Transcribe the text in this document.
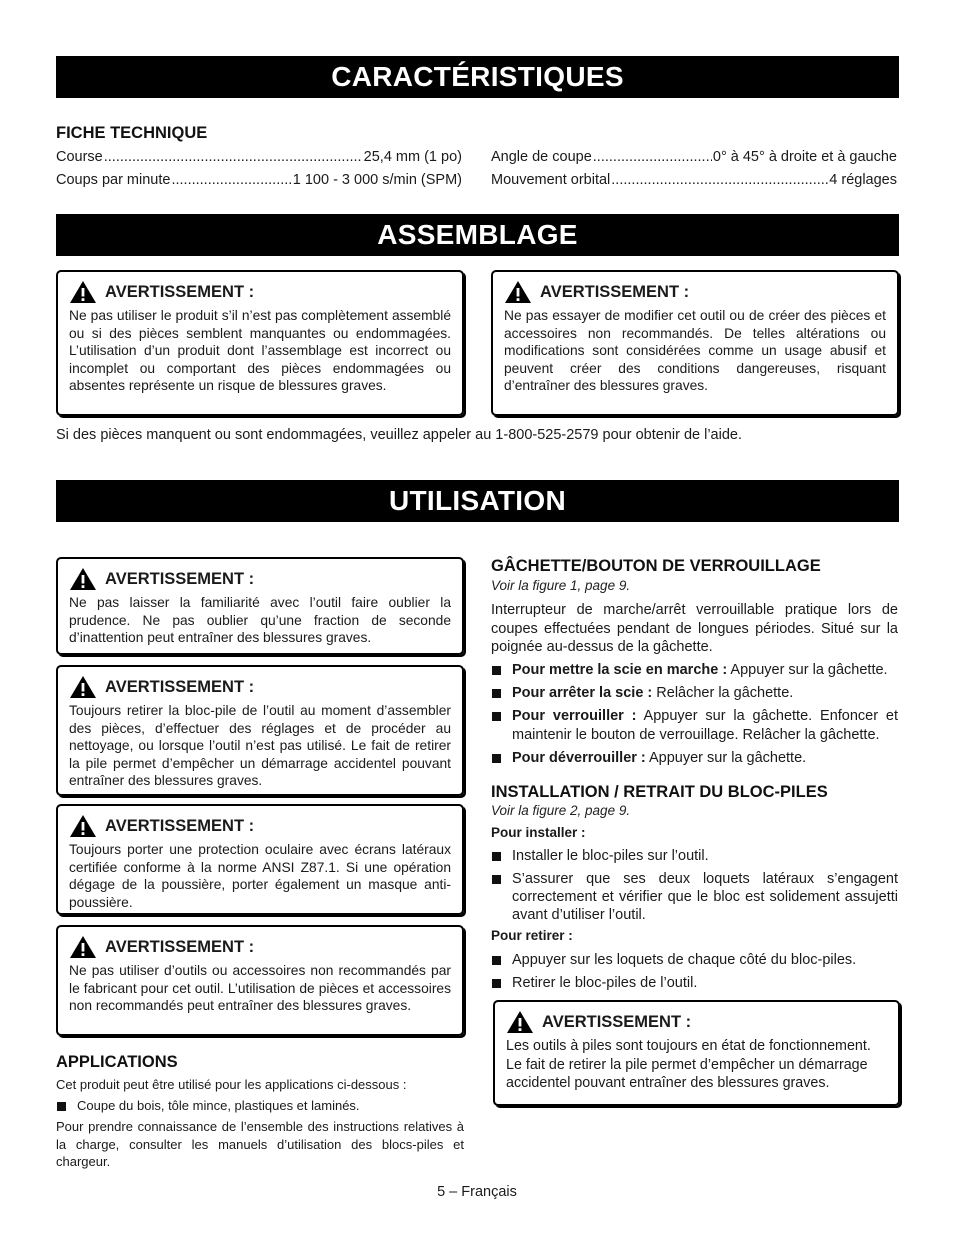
CARACTÉRISTIQUES
FICHE TECHNIQUE
Course .....	25,4 mm (1 po)
Coups par minute .....	1 100 - 3 000 s/min (SPM)
Angle de coupe .....	0° à 45° à droite et à gauche
Mouvement orbital .....	4 réglages
ASSEMBLAGE
AVERTISSEMENT :
Ne pas utiliser le produit s’il n’est pas complètement assemblé ou si des pièces semblent manquantes ou endommagées. L’utilisation d’un produit dont l’assemblage est incorrect ou incomplet ou comportant des pièces endommagées ou absentes représente un risque de blessures graves.
AVERTISSEMENT :
Ne pas essayer de modifier cet outil ou de créer des pièces et accessoires non recommandés. De telles altérations ou modifications sont considérées comme un usage abusif et peuvent créer des conditions dangereuses, risquant d’entraîner des blessures graves.
Si des pièces manquent ou sont endommagées, veuillez appeler au 1-800-525-2579 pour obtenir de l’aide.
UTILISATION
AVERTISSEMENT :
Ne pas laisser la familiarité avec l’outil faire oublier la prudence. Ne pas oublier qu’une fraction de seconde d’inattention peut entraîner des blessures graves.
AVERTISSEMENT :
Toujours retirer la bloc-pile de l’outil au moment d’assembler des pièces, d’effectuer des réglages et de procéder au nettoyage, ou lorsque l’outil n’est pas utilisé. Le fait de retirer la pile permet d’empêcher un démarrage accidentel pouvant entraîner des blessures graves.
AVERTISSEMENT :
Toujours porter une protection oculaire avec écrans latéraux certifiée conforme à la norme ANSI Z87.1. Si une opération dégage de la poussière, porter également un masque anti-poussière.
AVERTISSEMENT :
Ne pas utiliser d’outils ou accessoires non recommandés par le fabricant pour cet outil. L’utilisation de pièces et accessoires non recommandés peut entraîner des blessures graves.
APPLICATIONS
Cet produit peut être utilisé pour les applications ci-dessous :
Coupe du bois, tôle mince, plastiques et laminés.
Pour prendre connaissance de l’ensemble des instructions relatives à la charge, consulter les manuels d’utilisation des blocs-piles et chargeur.
GÂCHETTE/BOUTON DE VERROUILLAGE
Voir la figure 1, page 9.
Interrupteur de marche/arrêt verrouillable pratique lors de coupes effectuées pendant de longues périodes. Situé sur la poignée au-dessus de la gâchette.
Pour mettre la scie en marche : Appuyer sur la gâchette.
Pour arrêter la scie : Relâcher la gâchette.
Pour verrouiller : Appuyer sur la gâchette. Enfoncer et maintenir le bouton de verrouillage. Relâcher la gâchette.
Pour déverrouiller : Appuyer sur la gâchette.
INSTALLATION / RETRAIT DU BLOC-PILES
Voir la figure 2, page 9.
Pour installer :
Installer le bloc-piles sur l’outil.
S’assurer que ses deux loquets latéraux s’engagent correctement et vérifier que le bloc est solidement assujetti avant d’utiliser l’outil.
Pour retirer :
Appuyer sur les loquets de chaque côté du bloc-piles.
Retirer le bloc-piles de l’outil.
AVERTISSEMENT :
Les outils à piles sont toujours en état de fonctionnement. Le fait de retirer la pile permet d’empêcher un démarrage accidentel pouvant entraîner des blessures graves.
5 – Français
